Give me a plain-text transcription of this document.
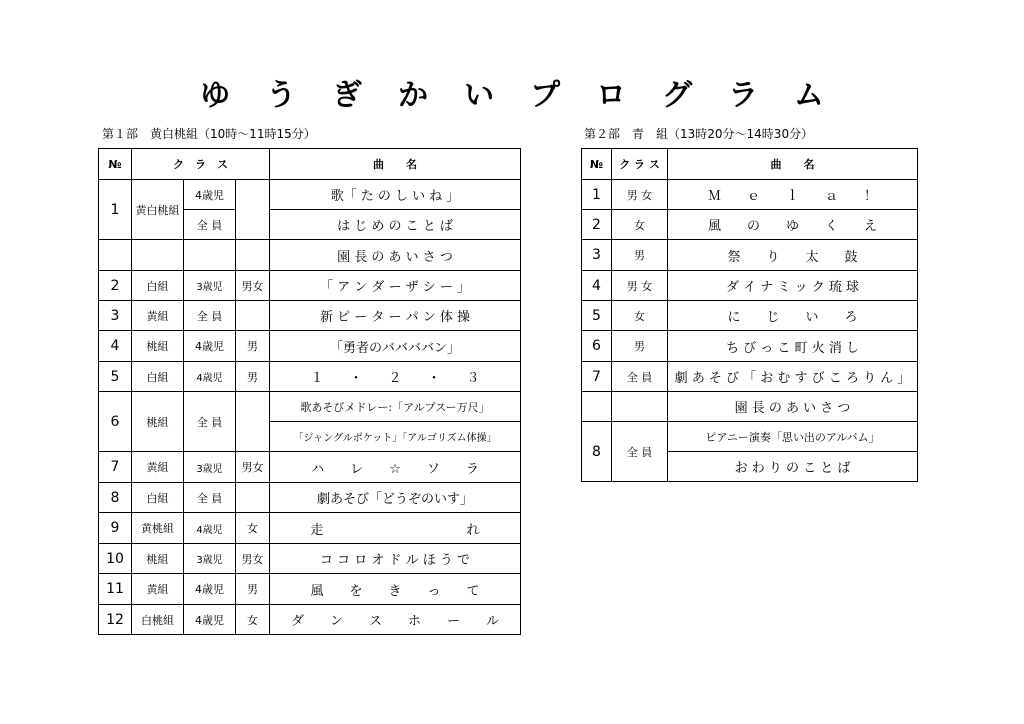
ゆうぎかいプログラム
第１部　黄白桃組（10時～11時15分）	第２部　青　組（13時20分～14時30分）
№	ク　ラ　ス			曲　　名
1	黄白桃組	4歳児		歌「 た の し い ね 」
		全 員		は じ め の こ と ば
				園 長 の あ い さ つ
2	白組	3歳児	男女	「 ア ン ダ ー ザ シ ー 」
3	黄組	全 員		新 ピ ー タ ー パ ン 体 操
4	桃組	4歳児	男	「勇者のババババン」
5	白組	4歳児	男	１　　・　　２　　・　　３
6	桃組	全 員		歌あそびメドレー:「アルプスー万尺」
				「ジャングルポケット」「アルゴリズム体操」
7	黄組	3歳児	男女	ハ　　レ　　☆　　ソ　　ラ
8	白組	全 員		劇あそび「どうぞのいす」
9	黄桃組	4歳児	女	走　　　　　　　　　　　れ
10	桃組	3歳児	男女	コ コ ロ オ ド ル ほ う で
11	黄組	4歳児	男	風　　を　　き　　っ　　て
12	白桃組	4歳児	女	ダ　　ン　　ス　　ホ　　ー　　ル
№	ク ラ ス	曲　　名
1	男 女	Ｍ　　ｅ　　ｌ　　ａ　　！
2	女	風　　の　　ゆ　　く　　え
3	男	祭　　り　　太　　鼓
4	男 女	ダ イ ナ ミ ッ ク 琉 球
5	女	に　　じ　　い　　ろ
6	男	ち び っ こ 町 火 消 し
7	全 員	劇 あ そ び 「 お む す び こ ろ り ん 」
		園 長 の あ い さ つ
8	全 員	ピアニー演奏「思い出のアルバム」
		お わ り の こ と ば
